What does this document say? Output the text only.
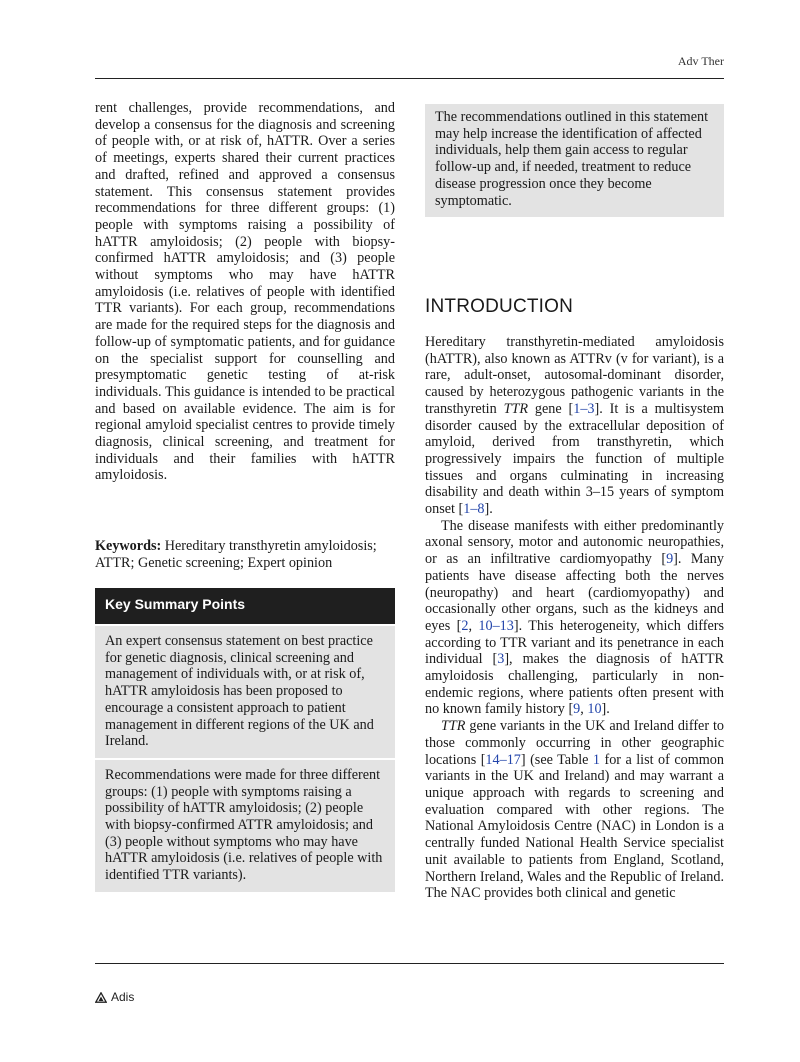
Adv Ther

rent challenges, provide recommendations, and develop a consensus for the diagnosis and screening of people with, or at risk of, hATTR. Over a series of meetings, experts shared their current practices and drafted, refined and approved a consensus statement. This consensus statement provides recommendations for three different groups: (1) people with symptoms raising a possibility of hATTR amyloidosis; (2) people with biopsy-confirmed hATTR amyloidosis; and (3) people without symptoms who may have hATTR amyloidosis (i.e. relatives of people with identified TTR variants). For each group, recommendations are made for the required steps for the diagnosis and follow-up of symptomatic patients, and for guidance on the specialist support for counselling and presymptomatic genetic testing of at-risk individuals. This guidance is intended to be practical and based on available evidence. The aim is for regional amyloid specialist centres to provide timely diagnosis, clinical screening, and treatment for individuals and their families with hATTR amyloidosis.

Keywords: Hereditary transthyretin amyloidosis; ATTR; Genetic screening; Expert opinion
Key Summary Points

An expert consensus statement on best practice for genetic diagnosis, clinical screening and management of individuals with, or at risk of, hATTR amyloidosis has been proposed to encourage a consistent approach to patient management in different regions of the UK and Ireland.

Recommendations were made for three different groups: (1) people with symptoms raising a possibility of hATTR amyloidosis; (2) people with biopsy-confirmed ATTR amyloidosis; and (3) people without symptoms who may have hATTR amyloidosis (i.e. relatives of people with identified TTR variants).

The recommendations outlined in this statement may help increase the identification of affected individuals, help them gain access to regular follow-up and, if needed, treatment to reduce disease progression once they become symptomatic.

INTRODUCTION

Hereditary transthyretin-mediated amyloidosis (hATTR), also known as ATTRv (v for variant), is a rare, adult-onset, autosomal-dominant disorder, caused by heterozygous pathogenic variants in the transthyretin TTR gene [1–3]. It is a multisystem disorder caused by the extracellular deposition of amyloid, derived from transthyretin, which progressively impairs the function of multiple tissues and organs culminating in increasing disability and death within 3–15 years of symptom onset [1–8].

The disease manifests with either predominantly axonal sensory, motor and autonomic neuropathies, or as an infiltrative cardiomyopathy [9]. Many patients have disease affecting both the nerves (neuropathy) and heart (cardiomyopathy) and occasionally other organs, such as the kidneys and eyes [2, 10–13]. This heterogeneity, which differs according to TTR variant and its penetrance in each individual [3], makes the diagnosis of hATTR amyloidosis challenging, particularly in non-endemic regions, where patients often present with no known family history [9, 10].

TTR gene variants in the UK and Ireland differ to those commonly occurring in other geographic locations [14–17] (see Table 1 for a list of common variants in the UK and Ireland) and may warrant a unique approach with regards to screening and evaluation compared with other regions. The National Amyloidosis Centre (NAC) in London is a centrally funded National Health Service specialist unit available to patients from England, Scotland, Northern Ireland, Wales and the Republic of Ireland. The NAC provides both clinical and genetic

Adis
